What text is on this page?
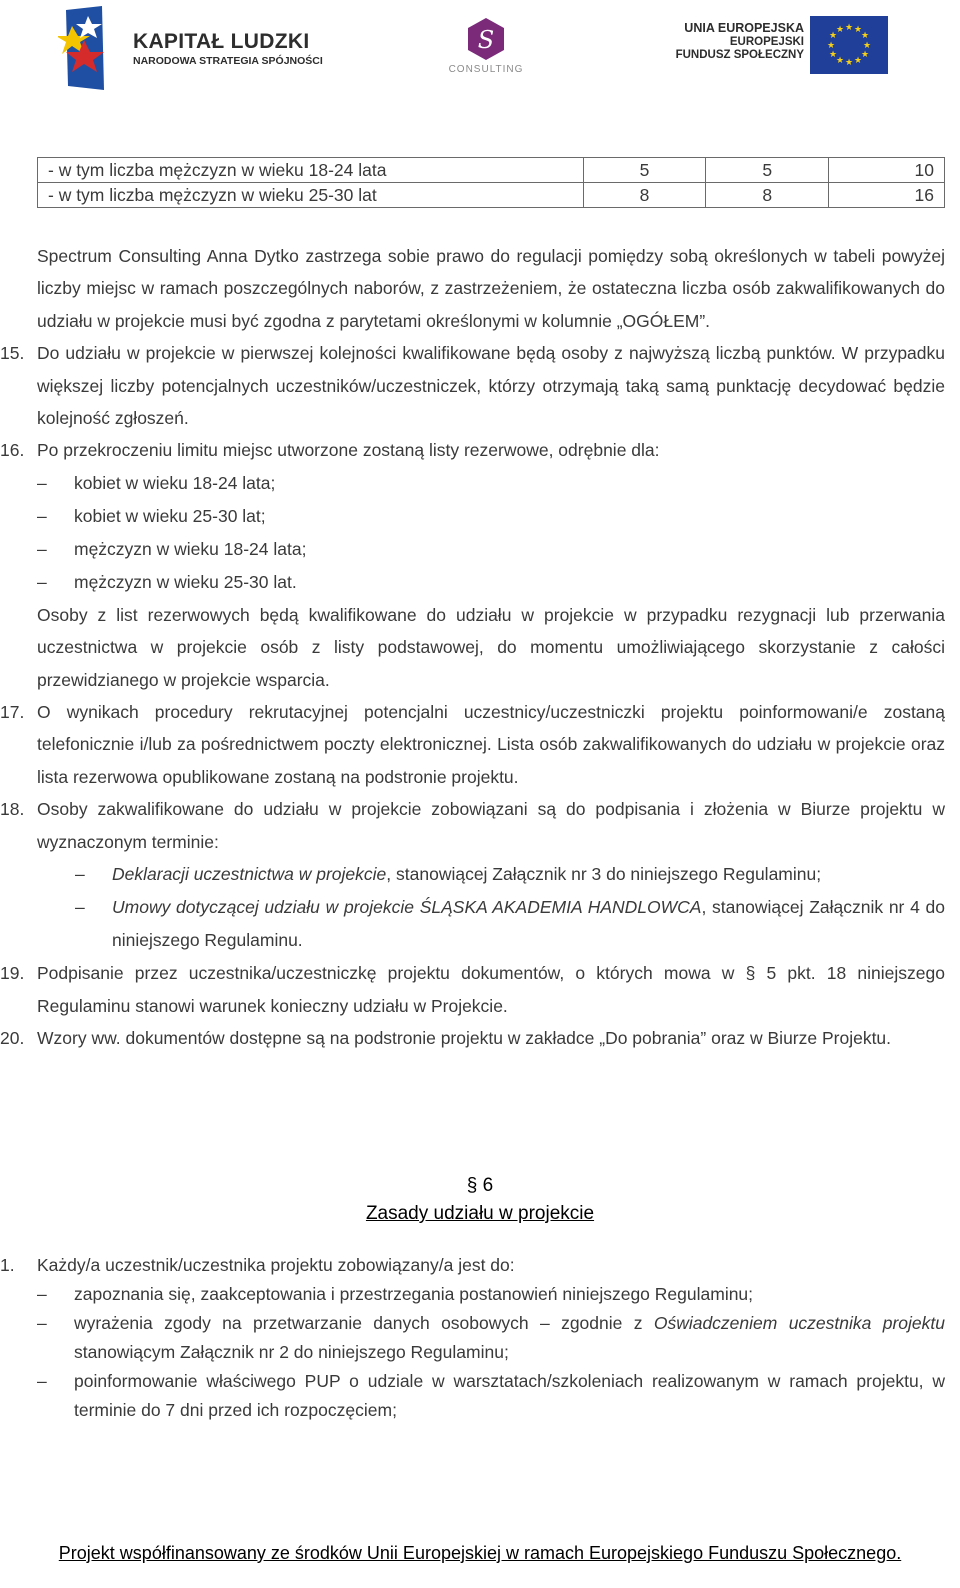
KAPITAŁ LUDZKI
NARODOWA STRATEGIA SPÓJNOŚCI
S
CONSULTING
UNIA EUROPEJSKA
EUROPEJSKI
FUNDUSZ SPOŁECZNY
★ ★
★
★
★
★
★
★
★
★
★
★
- w tym liczba mężczyzn w wieku 18-24 lata	5	5	10
- w tym liczba mężczyzn w wieku 25-30 lat	8	8	16
Spectrum Consulting Anna Dytko zastrzega sobie prawo do regulacji pomiędzy sobą określonych w tabeli powyżej liczby miejsc w ramach poszczególnych naborów, z zastrzeżeniem, że ostateczna liczba osób zakwalifikowanych do udziału w projekcie musi być zgodna z parytetami określonymi w kolumnie „OGÓŁEM”.
15. Do udziału w projekcie w pierwszej kolejności kwalifikowane będą osoby z najwyższą liczbą punktów. W przypadku większej liczby potencjalnych uczestników/uczestniczek, którzy otrzymają taką samą punktację decydować będzie kolejność zgłoszeń.
16. Po przekroczeniu limitu miejsc utworzone zostaną listy rezerwowe, odrębnie dla:
– kobiet w wieku 18-24 lata;
– kobiet w wieku 25-30 lat;
– mężczyzn w wieku 18-24 lata;
– mężczyzn w wieku 25-30 lat.
Osoby z list rezerwowych będą kwalifikowane do udziału w projekcie w przypadku rezygnacji lub przerwania uczestnictwa w projekcie osób z listy podstawowej, do momentu umożliwiającego skorzystanie z całości przewidzianego w projekcie wsparcia.
17. O wynikach procedury rekrutacyjnej potencjalni uczestnicy/uczestniczki projektu poinformowani/e zostaną telefonicznie i/lub za pośrednictwem poczty elektronicznej. Lista osób zakwalifikowanych do udziału w projekcie oraz lista rezerwowa opublikowane zostaną na podstronie projektu.
18. Osoby zakwalifikowane do udziału w projekcie zobowiązani są do podpisania i złożenia w Biurze projektu w wyznaczonym terminie:
– Deklaracji uczestnictwa w projekcie, stanowiącej Załącznik nr 3 do niniejszego Regulaminu;
– Umowy dotyczącej udziału w projekcie ŚLĄSKA AKADEMIA HANDLOWCA, stanowiącej Załącznik nr 4 do niniejszego Regulaminu.
19. Podpisanie przez uczestnika/uczestniczkę projektu dokumentów, o których mowa w § 5 pkt. 18 niniejszego Regulaminu stanowi warunek konieczny udziału w Projekcie.
20. Wzory ww. dokumentów dostępne są na podstronie projektu w zakładce „Do pobrania” oraz w Biurze Projektu.
§ 6
Zasady udziału w projekcie
1. Każdy/a uczestnik/uczestnika projektu zobowiązany/a jest do:
– zapoznania się, zaakceptowania i przestrzegania postanowień niniejszego Regulaminu;
– wyrażenia zgody na przetwarzanie danych osobowych – zgodnie z Oświadczeniem uczestnika projektu stanowiącym Załącznik nr 2 do niniejszego Regulaminu;
– poinformowanie właściwego PUP o udziale w warsztatach/szkoleniach realizowanym w ramach projektu, w terminie do 7 dni przed ich rozpoczęciem;
Projekt współfinansowany ze środków Unii Europejskiej w ramach Europejskiego Funduszu Społecznego.
